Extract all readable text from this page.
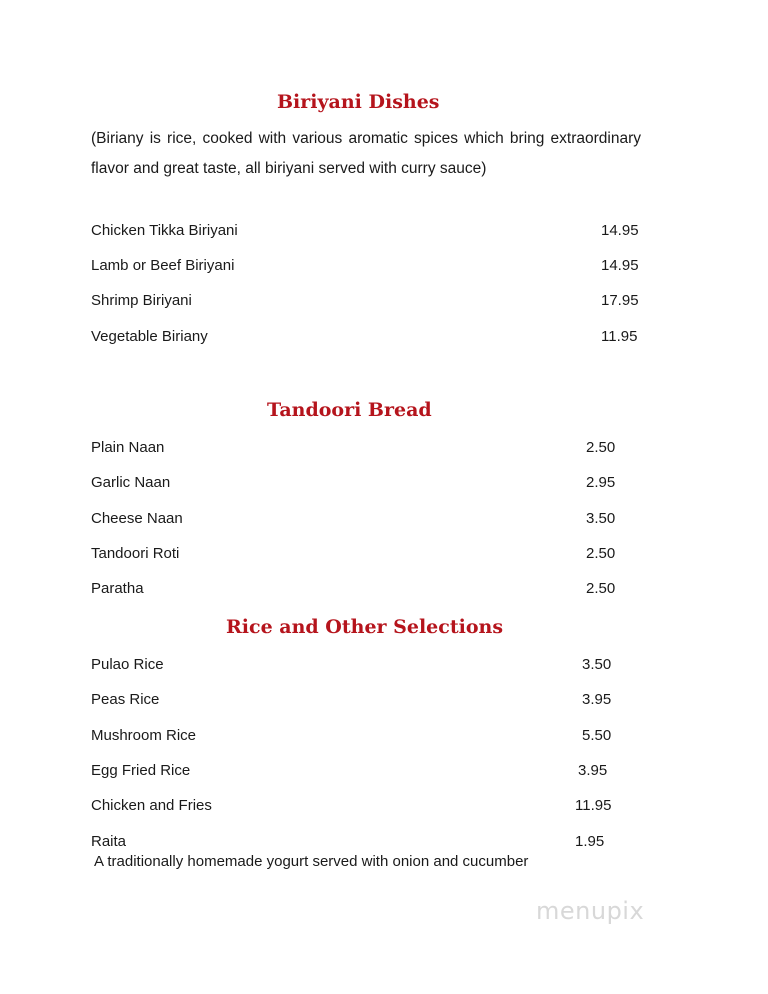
Biriyani Dishes
(Biriany is rice, cooked with various aromatic spices which bring extraordinary flavor and great taste, all biriyani served with curry sauce)
Chicken Tikka Biriyani	14.95
Lamb or Beef Biriyani	14.95
Shrimp Biriyani	17.95
Vegetable Biriany	11.95
Tandoori Bread
Plain Naan	2.50
Garlic Naan	2.95
Cheese Naan	3.50
Tandoori Roti	2.50
Paratha	2.50
Rice and Other Selections
Pulao Rice	3.50
Peas Rice	3.95
Mushroom Rice	5.50
Egg Fried Rice	3.95
Chicken and Fries	11.95
Raita	1.95
A traditionally homemade yogurt served with onion and cucumber
menupix
